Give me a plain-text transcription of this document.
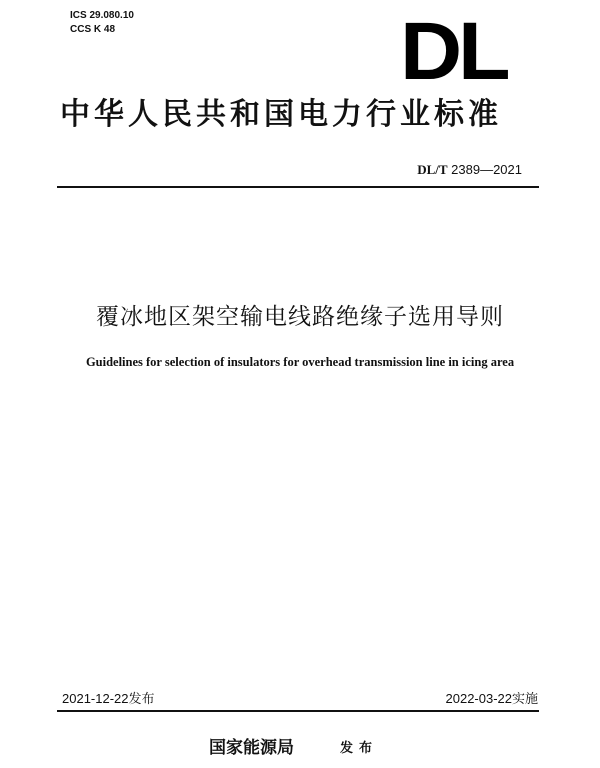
ICS 29.080.10
CCS K 48	DL
中华人民共和国电力行业标准
DL/T 2389—2021
覆冰地区架空输电线路绝缘子选用导则
Guidelines for selection of insulators for overhead transmission line in icing area
2021-12-22发布	2022-03-22实施
国家能源局	发布
